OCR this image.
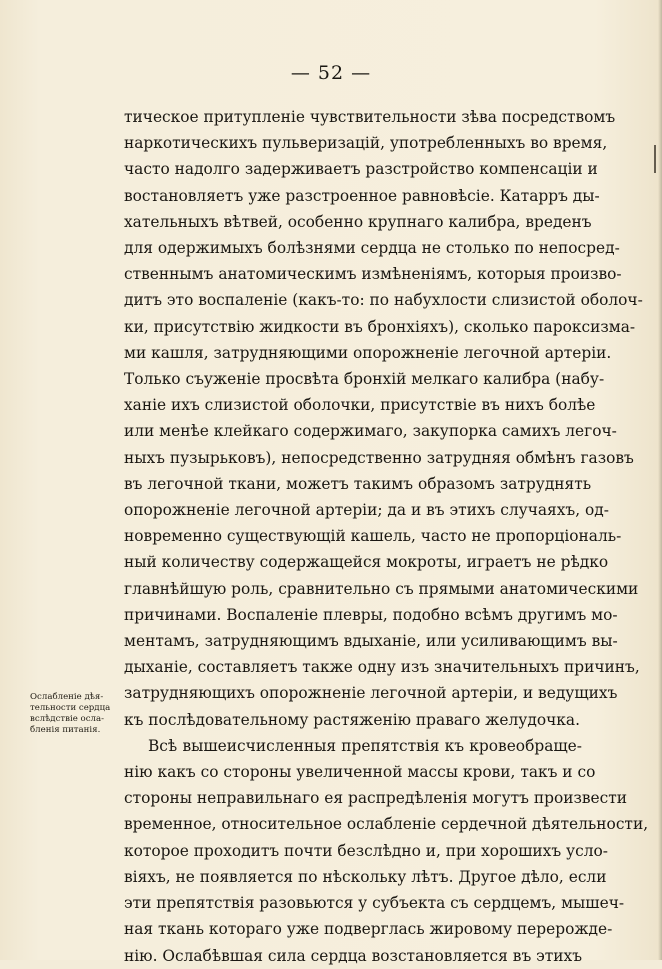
— 52 —
тическое притупленіе чувствительности зѣва посредствомъ
наркотическихъ пульверизацій, употребленныхъ во время,
часто надолго задерживаетъ разстройство компенсаціи и
востановляетъ уже разстроенное равновѣсіе. Катарръ ды-
хательныхъ вѣтвей, особенно крупнаго калибра, вреденъ
для одержимыхъ болѣзнями сердца не столько по непосред-
ственнымъ анатомическимъ измѣненіямъ, которыя произво-
дитъ это воспаленіе (какъ-то: по набухлости слизистой оболоч-
ки, присутствію жидкости въ бронхіяхъ), сколько пароксизма-
ми кашля, затрудняющими опорожненіе легочной артеріи.
Только съуженіе просвѣта бронхій мелкаго калибра (набу-
ханіе ихъ слизистой оболочки, присутствіе въ нихъ болѣе
или менѣе клейкаго содержимаго, закупорка самихъ легоч-
ныхъ пузырьковъ), непосредственно затрудняя обмѣнъ газовъ
въ легочной ткани, можетъ такимъ образомъ затруднять
опорожненіе легочной артеріи; да и въ этихъ случаяхъ, од-
новременно существующій кашель, часто не пропорціональ-
ный количеству содержащейся мокроты, играетъ не рѣдко
главнѣйшую роль, сравнительно съ прямыми анатомическими
причинами. Воспаленіе плевры, подобно всѣмъ другимъ мо-
ментамъ, затрудняющимъ вдыханіе, или усиливающимъ вы-
дыханіе, составляетъ также одну изъ значительныхъ причинъ,
затрудняющихъ опорожненіе легочной артеріи, и ведущихъ
къ послѣдовательному растяженію праваго желудочка.
Всѣ вышеисчисленныя препятствія къ кровеобраще-
нію какъ со стороны увеличенной массы крови, такъ и со
стороны неправильнаго ея распредѣленія могутъ произвести
временное, относительное ослабленіе сердечной дѣятельности,
которое проходитъ почти безслѣдно и, при хорошихъ усло-
віяхъ, не появляется по нѣскольку лѣтъ. Другое дѣло, если
эти препятствія разовьются у субъекта съ сердцемъ, мышеч-
ная ткань котораго уже подверглась жировому перерожде-
нію. Ослабѣвшая сила сердца возстановляется въ этихъ
Ослабленіе дѣя-
тельности сердца
вслѣдствіе осла-
бленія питанія.
